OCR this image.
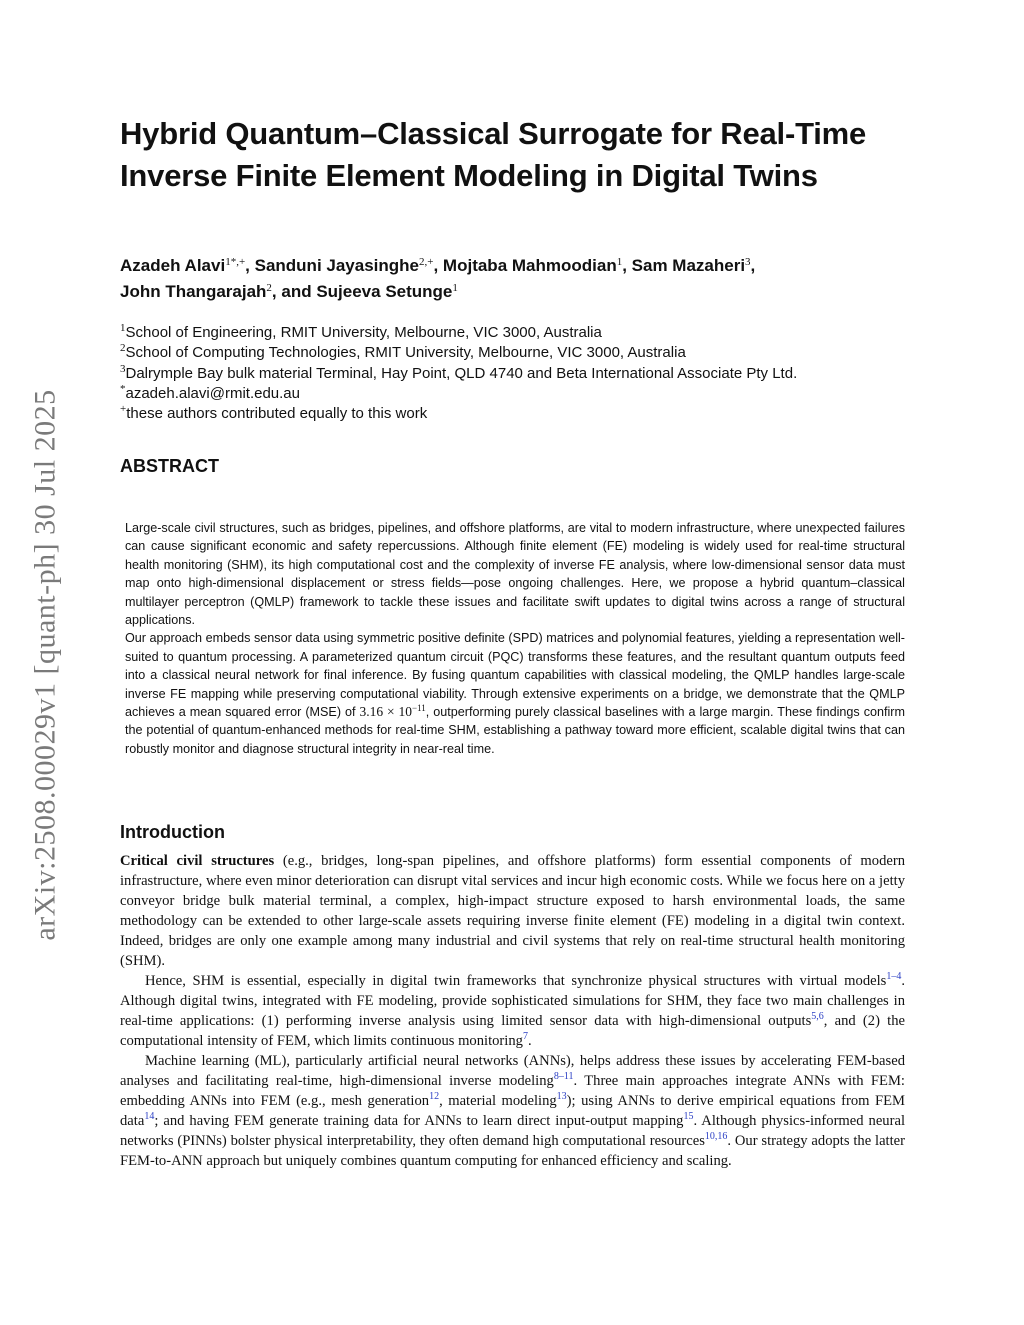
arXiv:2508.00029v1 [quant-ph] 30 Jul 2025
Hybrid Quantum–Classical Surrogate for Real-Time Inverse Finite Element Modeling in Digital Twins
Azadeh Alavi$^{1*,+}$, Sanduni Jayasinghe$^{2,+}$, Mojtaba Mahmoodian$^1$, Sam Mazaheri$^3$,
John Thangarajah$^2$, and Sujeeva Setunge$^1$
$^1$School of Engineering, RMIT University, Melbourne, VIC 3000, Australia
$^2$School of Computing Technologies, RMIT University, Melbourne, VIC 3000, Australia
$^3$Dalrymple Bay bulk material Terminal, Hay Point, QLD 4740 and Beta International Associate Pty Ltd.
*azadeh.alavi@rmit.edu.au
+these authors contributed equally to this work
ABSTRACT

Large-scale civil structures, such as bridges, pipelines, and offshore platforms, are vital to modern infrastructure, where unexpected failures can cause significant economic and safety repercussions. Although finite element (FE) modeling is widely used for real-time structural health monitoring (SHM), its high computational cost and the complexity of inverse FE analysis, where low-dimensional sensor data must map onto high-dimensional displacement or stress fields—pose ongoing challenges. Here, we propose a hybrid quantum–classical multilayer perceptron (QMLP) framework to tackle these issues and facilitate swift updates to digital twins across a range of structural applications.

Our approach embeds sensor data using symmetric positive definite (SPD) matrices and polynomial features, yielding a representation well-suited to quantum processing. A parameterized quantum circuit (PQC) transforms these features, and the resultant quantum outputs feed into a classical neural network for final inference. By fusing quantum capabilities with classical modeling, the QMLP handles large-scale inverse FE mapping while preserving computational viability. Through extensive experiments on a bridge, we demonstrate that the QMLP achieves a mean squared error (MSE) of $3.16 \times 10^{-11}$, outperforming purely classical baselines with a large margin. These findings confirm the potential of quantum-enhanced methods for real-time SHM, establishing a pathway toward more efficient, scalable digital twins that can robustly monitor and diagnose structural integrity in near-real time.

Introduction

Critical civil structures (e.g., bridges, long-span pipelines, and offshore platforms) form essential components of modern infrastructure, where even minor deterioration can disrupt vital services and incur high economic costs. While we focus here on a jetty conveyor bridge bulk material terminal, a complex, high-impact structure exposed to harsh environmental loads, the same methodology can be extended to other large-scale assets requiring inverse finite element (FE) modeling in a digital twin context. Indeed, bridges are only one example among many industrial and civil systems that rely on real-time structural health monitoring (SHM).

Hence, SHM is essential, especially in digital twin frameworks that synchronize physical structures with virtual models$^{1-4}$. Although digital twins, integrated with FE modeling, provide sophisticated simulations for SHM, they face two main challenges in real-time applications: (1) performing inverse analysis using limited sensor data with high-dimensional outputs$^{5,6}$, and (2) the computational intensity of FEM, which limits continuous monitoring$^7$.

Machine learning (ML), particularly artificial neural networks (ANNs), helps address these issues by accelerating FEM-based analyses and facilitating real-time, high-dimensional inverse modeling$^{8-11}$. Three main approaches integrate ANNs with FEM: embedding ANNs into FEM (e.g., mesh generation$^{12}$, material modeling$^{13}$); using ANNs to derive empirical equations from FEM data$^{14}$; and having FEM generate training data for ANNs to learn direct input-output mapping$^{15}$. Although physics-informed neural networks (PINNs) bolster physical interpretability, they often demand high computational resources$^{10,16}$. Our strategy adopts the latter FEM-to-ANN approach but uniquely combines quantum computing for enhanced efficiency and scaling.
